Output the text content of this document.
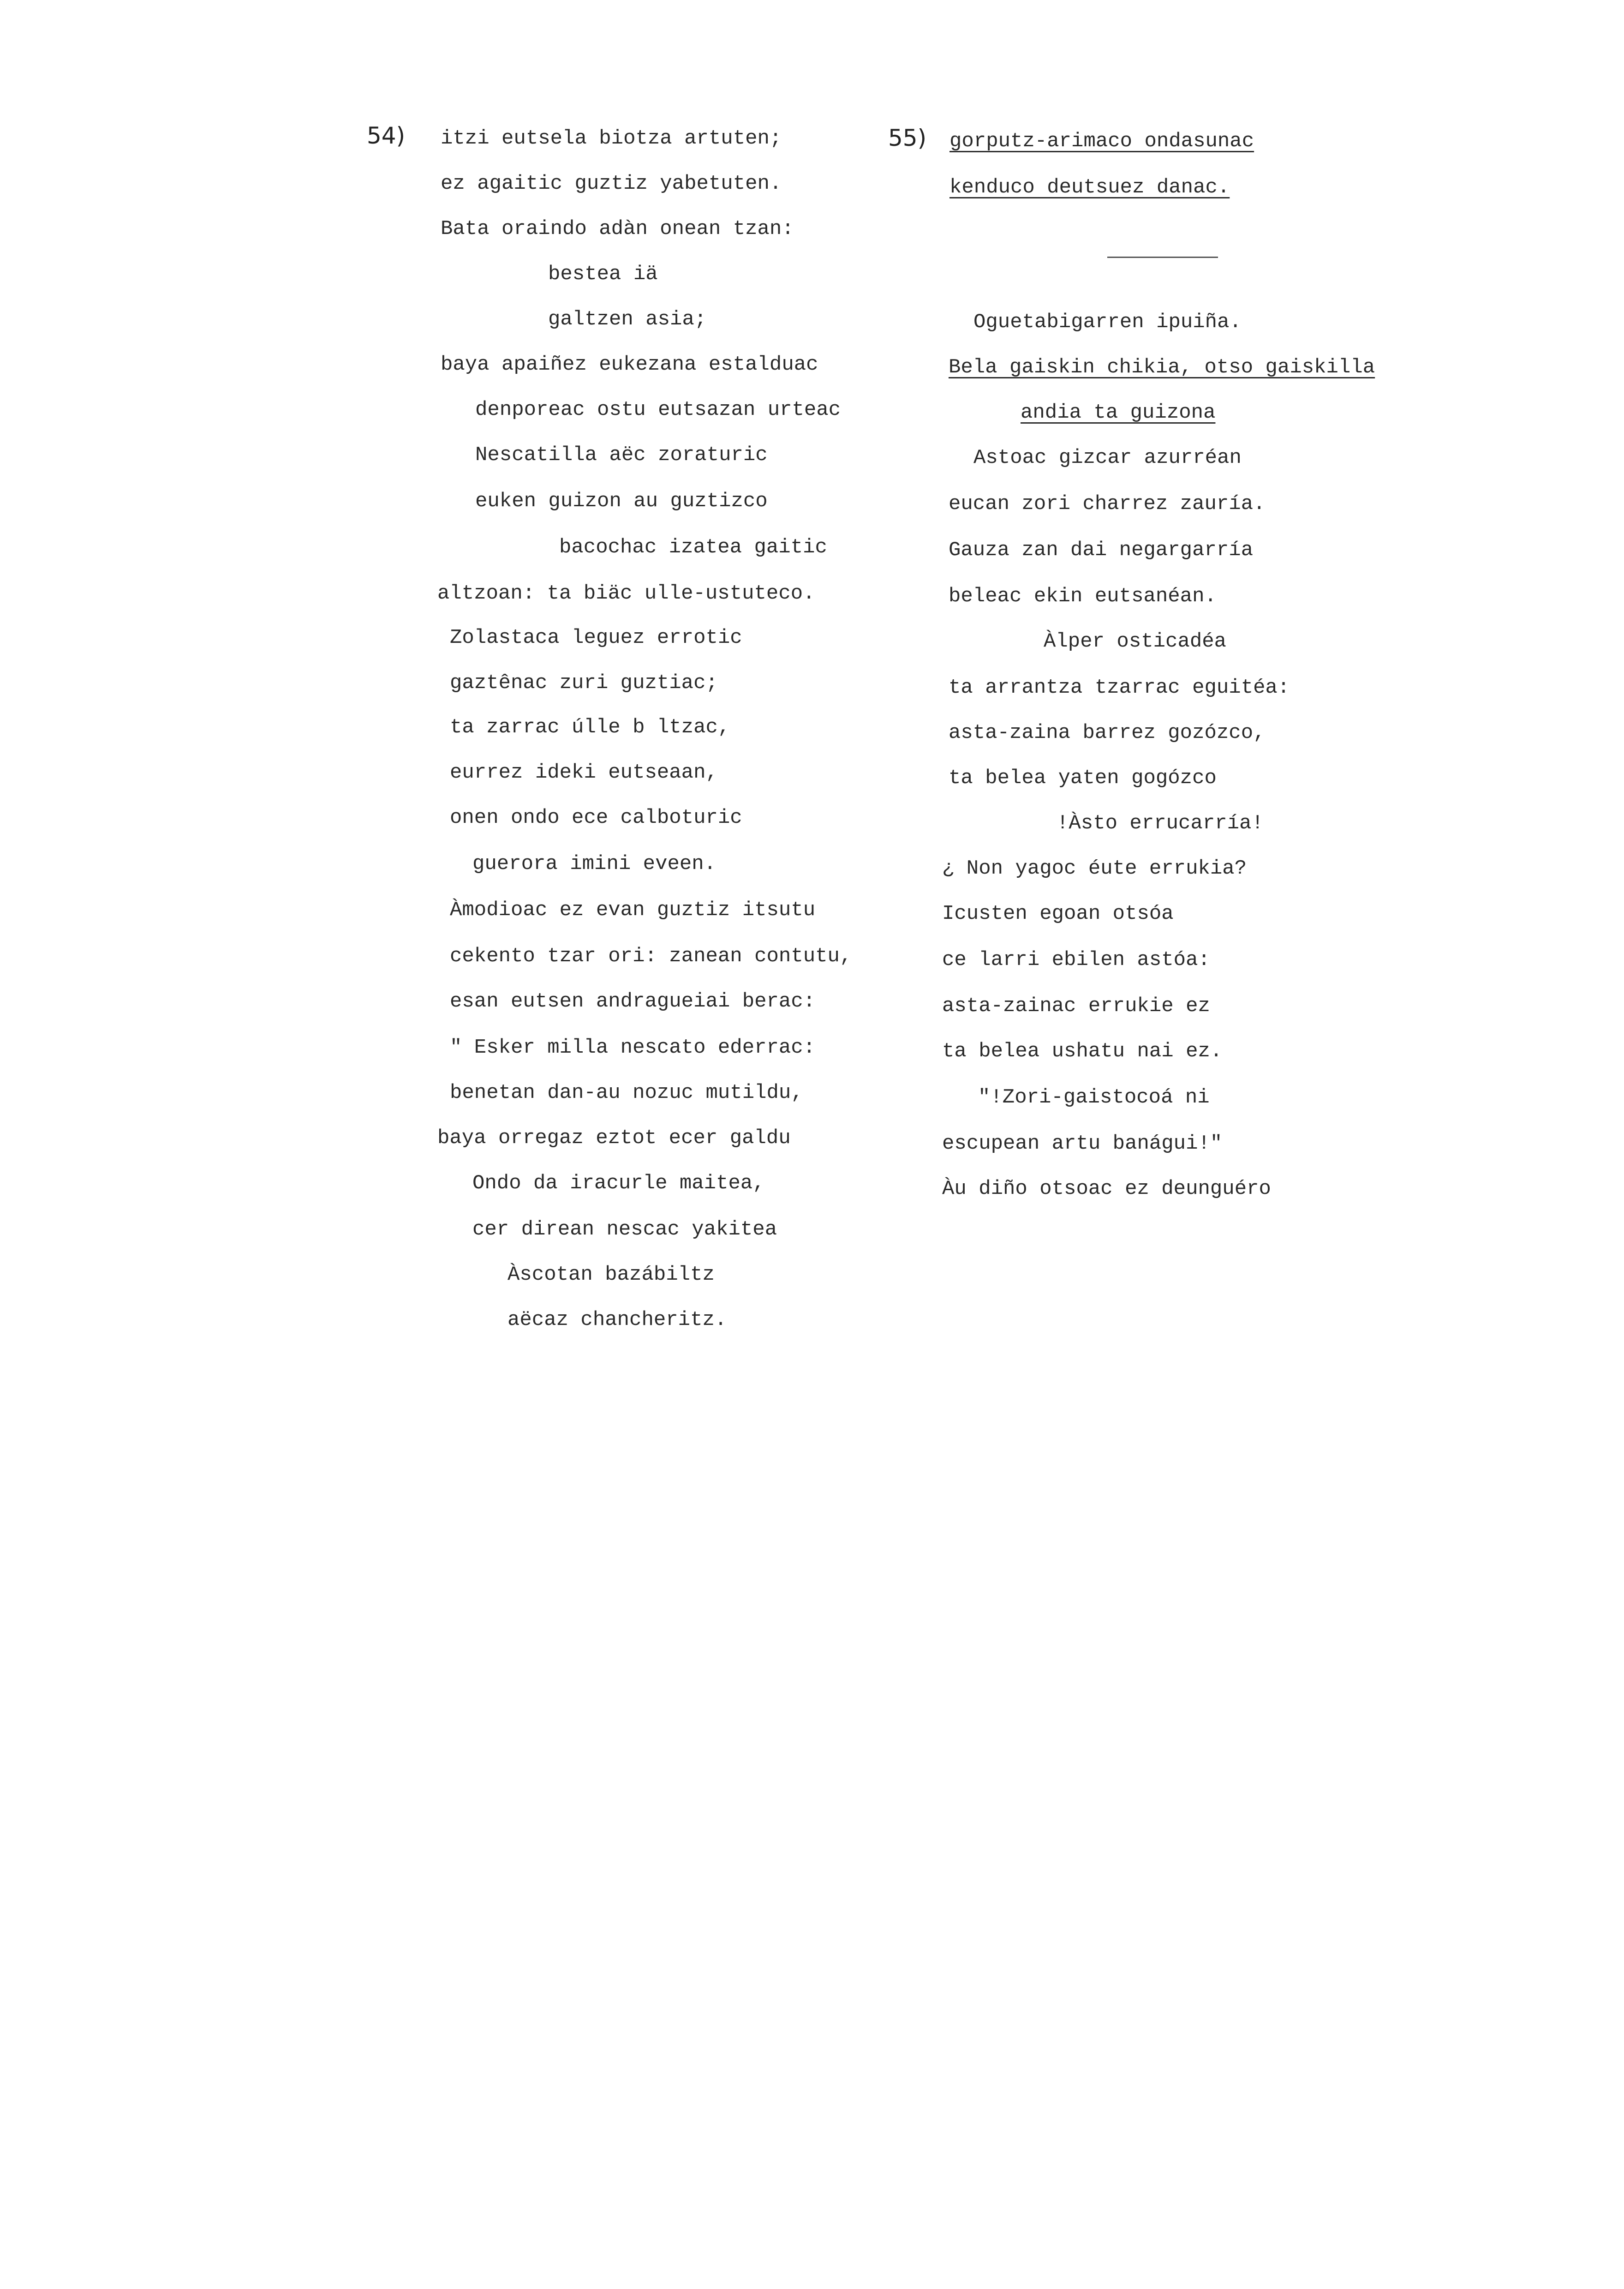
54) itzi eutsela biotza artuten;
ez agaitic guztiz yabetuten.
Bata oraindo adàn onean tzan:
bestea iä
galtzen asia;
baya apaiñez eukezana estalduac
denporeac ostu eutsazan urteac
Nescatilla aëc zoraturic
euken guizon au guztizco
bacochac izatea gaitic
altzoan: ta biäc ulle-ustuteco.
Zolastaca leguez errotic
gaztênac zuri guztiac;
ta zarrac úlle b ltzac,
eurrez ideki eutseaan,
onen ondo ece calboturic
guerora imini eveen.
Àmodioac ez evan guztiz itsutu
cekento tzar ori: zanean contutu,
esan eutsen andragueiai berac:
" Esker milla nescato ederrac:
benetan dan-au nozuc mutildu,
baya orregaz eztot ecer galdu
Ondo da iracurle maitea,
cer direan nescac yakitea
Àscotan bazábiltz
aëcaz chancheritz.
55) gorputz-arimaco ondasunac
kenduco deutsuez danac.
Oguetabigarren ipuiña.
Bela gaiskin chikia, otso gaiskilla
andia ta guizona
Astoac gizcar azurréan
eucan zori charrez zauría.
Gauza zan dai negargarría
beleac ekin eutsanéan.
Àlper osticadéa
ta arrantza tzarrac eguitéa:
asta-zaina barrez gozózco,
ta belea yaten gogózco
!Àsto errucarría!
¿ Non yagoc éute errukia?
Icusten egoan otsóa
ce larri ebilen astóa:
asta-zainac errukie ez
ta belea ushatu nai ez.
"!Zori-gaistocoá ni
escupean artu banágui!"
Àu diño otsoac ez deunguéro
